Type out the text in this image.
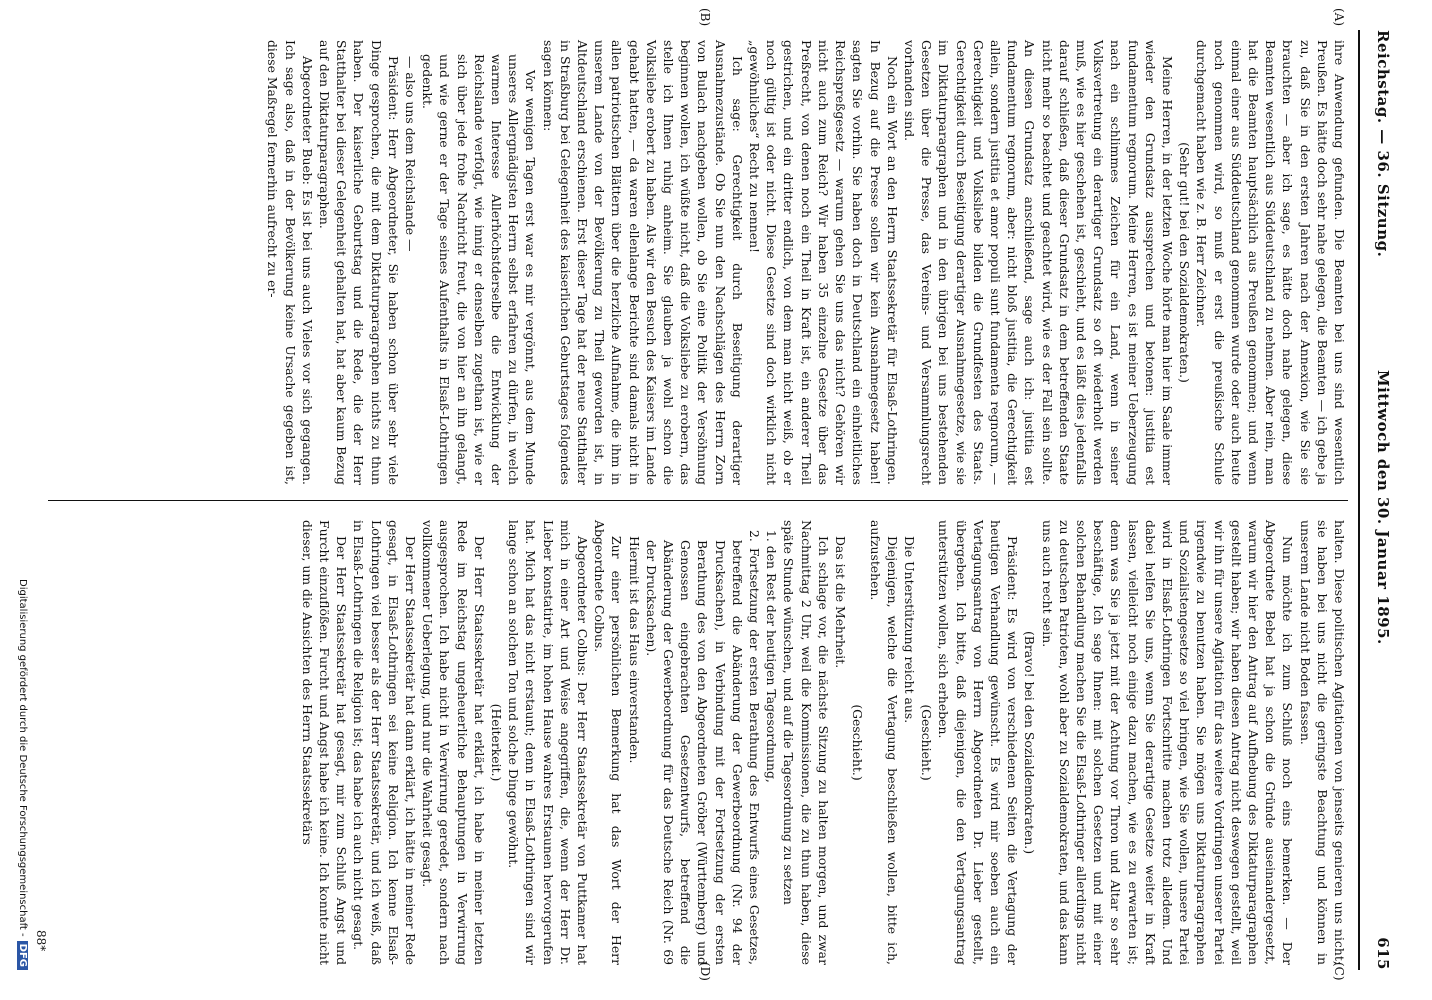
Reichstag. — 36. Sitzung.
Mittwoch den 30. Januar 1895.
615
(A)
(B)
(C)
(D)

ihre Anwendung gefunden. Die Beamten bei uns sind wesentlich Preußen. Es hätte doch sehr nahe gelegen, die Beamten — ich gebe ja zu, daß Sie in den ersten Jahren nach der Annexion, wie Sie sie brauchten — aber ich sage, es hätte doch nahe gelegen, diese Beamten wesentlich aus Süddeutschland zu nehmen. Aber nein, man hat die Beamten hauptsächlich aus Preußen genommen; und wenn einmal einer aus Süddeutschland genommen wurde oder auch heute noch genommen wird, so muß er erst die preußische Schule durchgemacht haben wie z. B. Herr Zeichner.

(Sehr gut! bei den Sozialdemokraten.)

Meine Herren, in der letzten Woche hörte man hier im Saale immer wieder den Grundsatz aussprechen und betonen: justitia est fundamentum regnorum. Meine Herren, es ist meiner Ueberzeugung nach ein schlimmes Zeichen für ein Land, wenn in seiner Volksvertretung ein derartiger Grundsatz so oft wiederholt werden muß, wie es hier geschehen ist, geschieht, und es läßt dies jedenfalls darauf schließen, daß dieser Grundsatz in dem betreffenden Staate nicht mehr so beachtet und geachtet wird, wie es der Fall sein sollte. An diesen Grundsatz anschließend, sage auch ich: justitia est fundamentum regnorum, aber: nicht bloß justitia, die Gerechtigkeit allein, sondern justitia et amor populi sunt fundamenta regnorum, — Gerechtigkeit und Volksliebe bilden die Grundfesten des Staats. Gerechtigkeit durch Beseitigung derartiger Ausnahmegesetze, wie sie im Diktaturparagraphen und in den übrigen bei uns bestehenden Gesetzen über die Presse, das Vereins- und Versammlungsrecht vorhanden sind.

Noch ein Wort an den Herrn Staatssekretär für Elsaß-Lothringen. In Bezug auf die Presse sollen wir kein Ausnahmegesetz haben! sagten Sie vorhin. Sie haben doch in Deutschland ein einheitliches Reichspreßgesetz — warum gehen Sie uns das nicht? Gehören wir nicht auch zum Reich? Wir haben 35 einzelne Gesetze über das Preßrecht, von denen noch ein Theil in Kraft ist, ein anderer Theil gestrichen, und ein dritter endlich, von dem man nicht weiß, ob er noch gültig ist oder nicht. Diese Gesetze sind doch wirklich nicht „gewöhnliches“ Recht zu nennen!

Ich sage: Gerechtigkeit durch Beseitigung derartiger Ausnahmezustände. Ob Sie nun den Nachschlägen des Herrn Zorn von Bulach nachgeben wollen, ob Sie eine Politik der Versöhnung beginnen wollen, ich wüßte nicht, daß die Volksliebe zu erobern, das stelle ich Ihnen ruhig anheim. Sie glauben ja wohl schon die Volksliebe erobert zu haben. Als wir den Besuch des Kaisers im Lande gehabt hatten, — da waren ellenlange Berichte sind damals nicht in allen patriotischen Blättern über die herzliche Aufnahme, die ihm in unserem Lande von der Bevölkerung zu Theil geworden ist, in Altdeutschland erschienen. Erst dieser Tage hat der neue Statthalter in Straßburg bei Gelegenheit des kaiserlichen Geburtstages folgendes sagen können:

Vor wenigen Tagen erst war es mir vergönnt, aus dem Munde unseres Allergnädigsten Herrn selbst erfahren zu dürfen, in welch warmen Interesse Allerhöchstderselbe die Entwicklung der Reichslande verfolgt, wie innig er denselben zugethan ist, wie er sich über jede frohe Nachricht freut, die von hier an ihn gelangt, und wie gerne er der Tage seines Aufenthalts in Elsaß-Lothringen gedenkt.

— also uns dem Reichslande —

Präsident: Herr Abgeordneter, Sie haben schon über sehr viele Dinge gesprochen, die mit dem Diktaturparagraphen nichts zu thun haben. Der kaiserliche Geburtstag und die Rede, die der Herr Statthalter bei dieser Gelegenheit gehalten hat, hat aber kaum Bezug auf den Diktaturparagraphen.

Abgeordneter Bueb: Es ist bei uns auch Vieles vor sich gegangen. Ich sage also, daß in der Bevölkerung keine Ursache gegeben ist, diese Maßregel fernerhin aufrecht zu er-

halten. Diese politischen Agitationen von jenseits genieren uns nicht; sie haben bei uns nicht die geringste Beachtung und können in unserem Lande nicht Boden fassen.

Nun möchte ich zum Schluß noch eins bemerken. — Der Abgeordnete Bebel hat ja schon die Gründe auseinandergesetzt, warum wir hier den Antrag auf Aufhebung des Diktaturparagraphen gestellt haben; wir haben diesen Antrag nicht deswegen gestellt, weil wir ihn für unsere Agitation für das weitere Vordringen unserer Partei irgendwie zu benutzen haben. Sie mögen uns Diktaturparagraphen und Sozialistengesetze so viel bringen, wie Sie wollen, unsere Partei wird in Elsaß-Lothringen Fortschritte machen trotz alledem. Und dabei helfen Sie uns, wenn Sie derartige Gesetze weiter in Kraft lassen, vielleicht noch einige dazu machen, wie es zu erwarten ist; denn was Sie ja jetzt mit der Achtung vor Thron und Altar so sehr beschäftige, Ich sage Ihnen: mit solchen Gesetzen und mit einer solchen Behandlung machen Sie die Elsaß-Lothringer allerdings nicht zu deutschen Patrioten, wohl aber zu Sozialdemokraten, und das kann uns auch recht sein.

(Bravo! bei den Sozialdemokraten.)

Präsident: Es wird von verschiedenen Seiten die Vertagung der heutigen Verhandlung gewünscht. Es wird mir soeben auch ein Vertagungsantrag von Herrn Abgeordneten Dr. Lieber gestellt, übergeben. Ich bitte, daß diejenigen, die den Vertagungsantrag unterstützen wollen, sich erheben.

(Geschieht.)

Die Unterstützung reicht aus.

Diejenigen, welche die Vertagung beschließen wollen, bitte ich, aufzustehen.

(Geschieht.)

Das ist die Mehrheit.

Ich schlage vor, die nächste Sitzung zu halten morgen, und zwar Nachmittag 2 Uhr, weil die Kommissionen, die zu thun haben, diese späte Stunde wünschen, und auf die Tagesordnung zu setzen

1. den Rest der heutigen Tagesordnung,

2. Fortsetzung der ersten Berathung des Entwurfs eines Gesetzes, betreffend die Abänderung der Gewerbeordnung (Nr. 94 der Drucksachen), in Verbindung mit der Fortsetzung der ersten Berathung des von den Abgeordneten Gröber (Württemberg) und Genossen eingebrachten Gesetzentwurfs, betreffend die Abänderung der Gewerbeordnung für das Deutsche Reich (Nr. 69 der Drucksachen).

Hiermit ist das Haus einverstanden.

Zur einer persönlichen Bemerkung hat das Wort der Herr Abgeordnete Colbus.

Abgeordneter Colbus: Der Herr Staatssekretär von Puttkamer hat mich in einer Art und Weise angegriffen, die, wenn der Herr Dr. Lieber konstatirte, im hohen Hause wahres Erstaunen hervorgerufen hat. Mich hat das nicht erstaunt; denn in Elsaß-Lothringen sind wir lange schon an solchen Ton und solche Dinge gewöhnt.

(Heiterkeit.)

Der Herr Staatssekretär hat erklärt, ich habe in meiner letzten Rede im Reichstag ungeheuerliche Behauptungen in Verwirrung ausgesprochen. Ich habe nicht in Verwirrung geredet, sondern nach vollkommener Ueberlegung, und nur die Wahrheit gesagt.

Der Herr Staatssekretär hat dann erklärt, ich hätte in meiner Rede gesagt, in Elsaß-Lothringen sei keine Religion. Ich kenne Elsaß-Lothringen viel besser als der Herr Staatssekretär, und ich weiß, daß in Elsaß-Lothringen die Religion ist; das habe ich auch nicht gesagt.

Der Herr Staatssekretär hat gesagt, mir zum Schluß Angst und Furcht einzuflößen. Furcht und Angst habe ich keine. Ich konnte nicht dieser, um die Ansichten des Herrn Staatssekretärs

88*
Digitalisierung gefördert durch die Deutsche Forschungsgemeinschaft -DFG
